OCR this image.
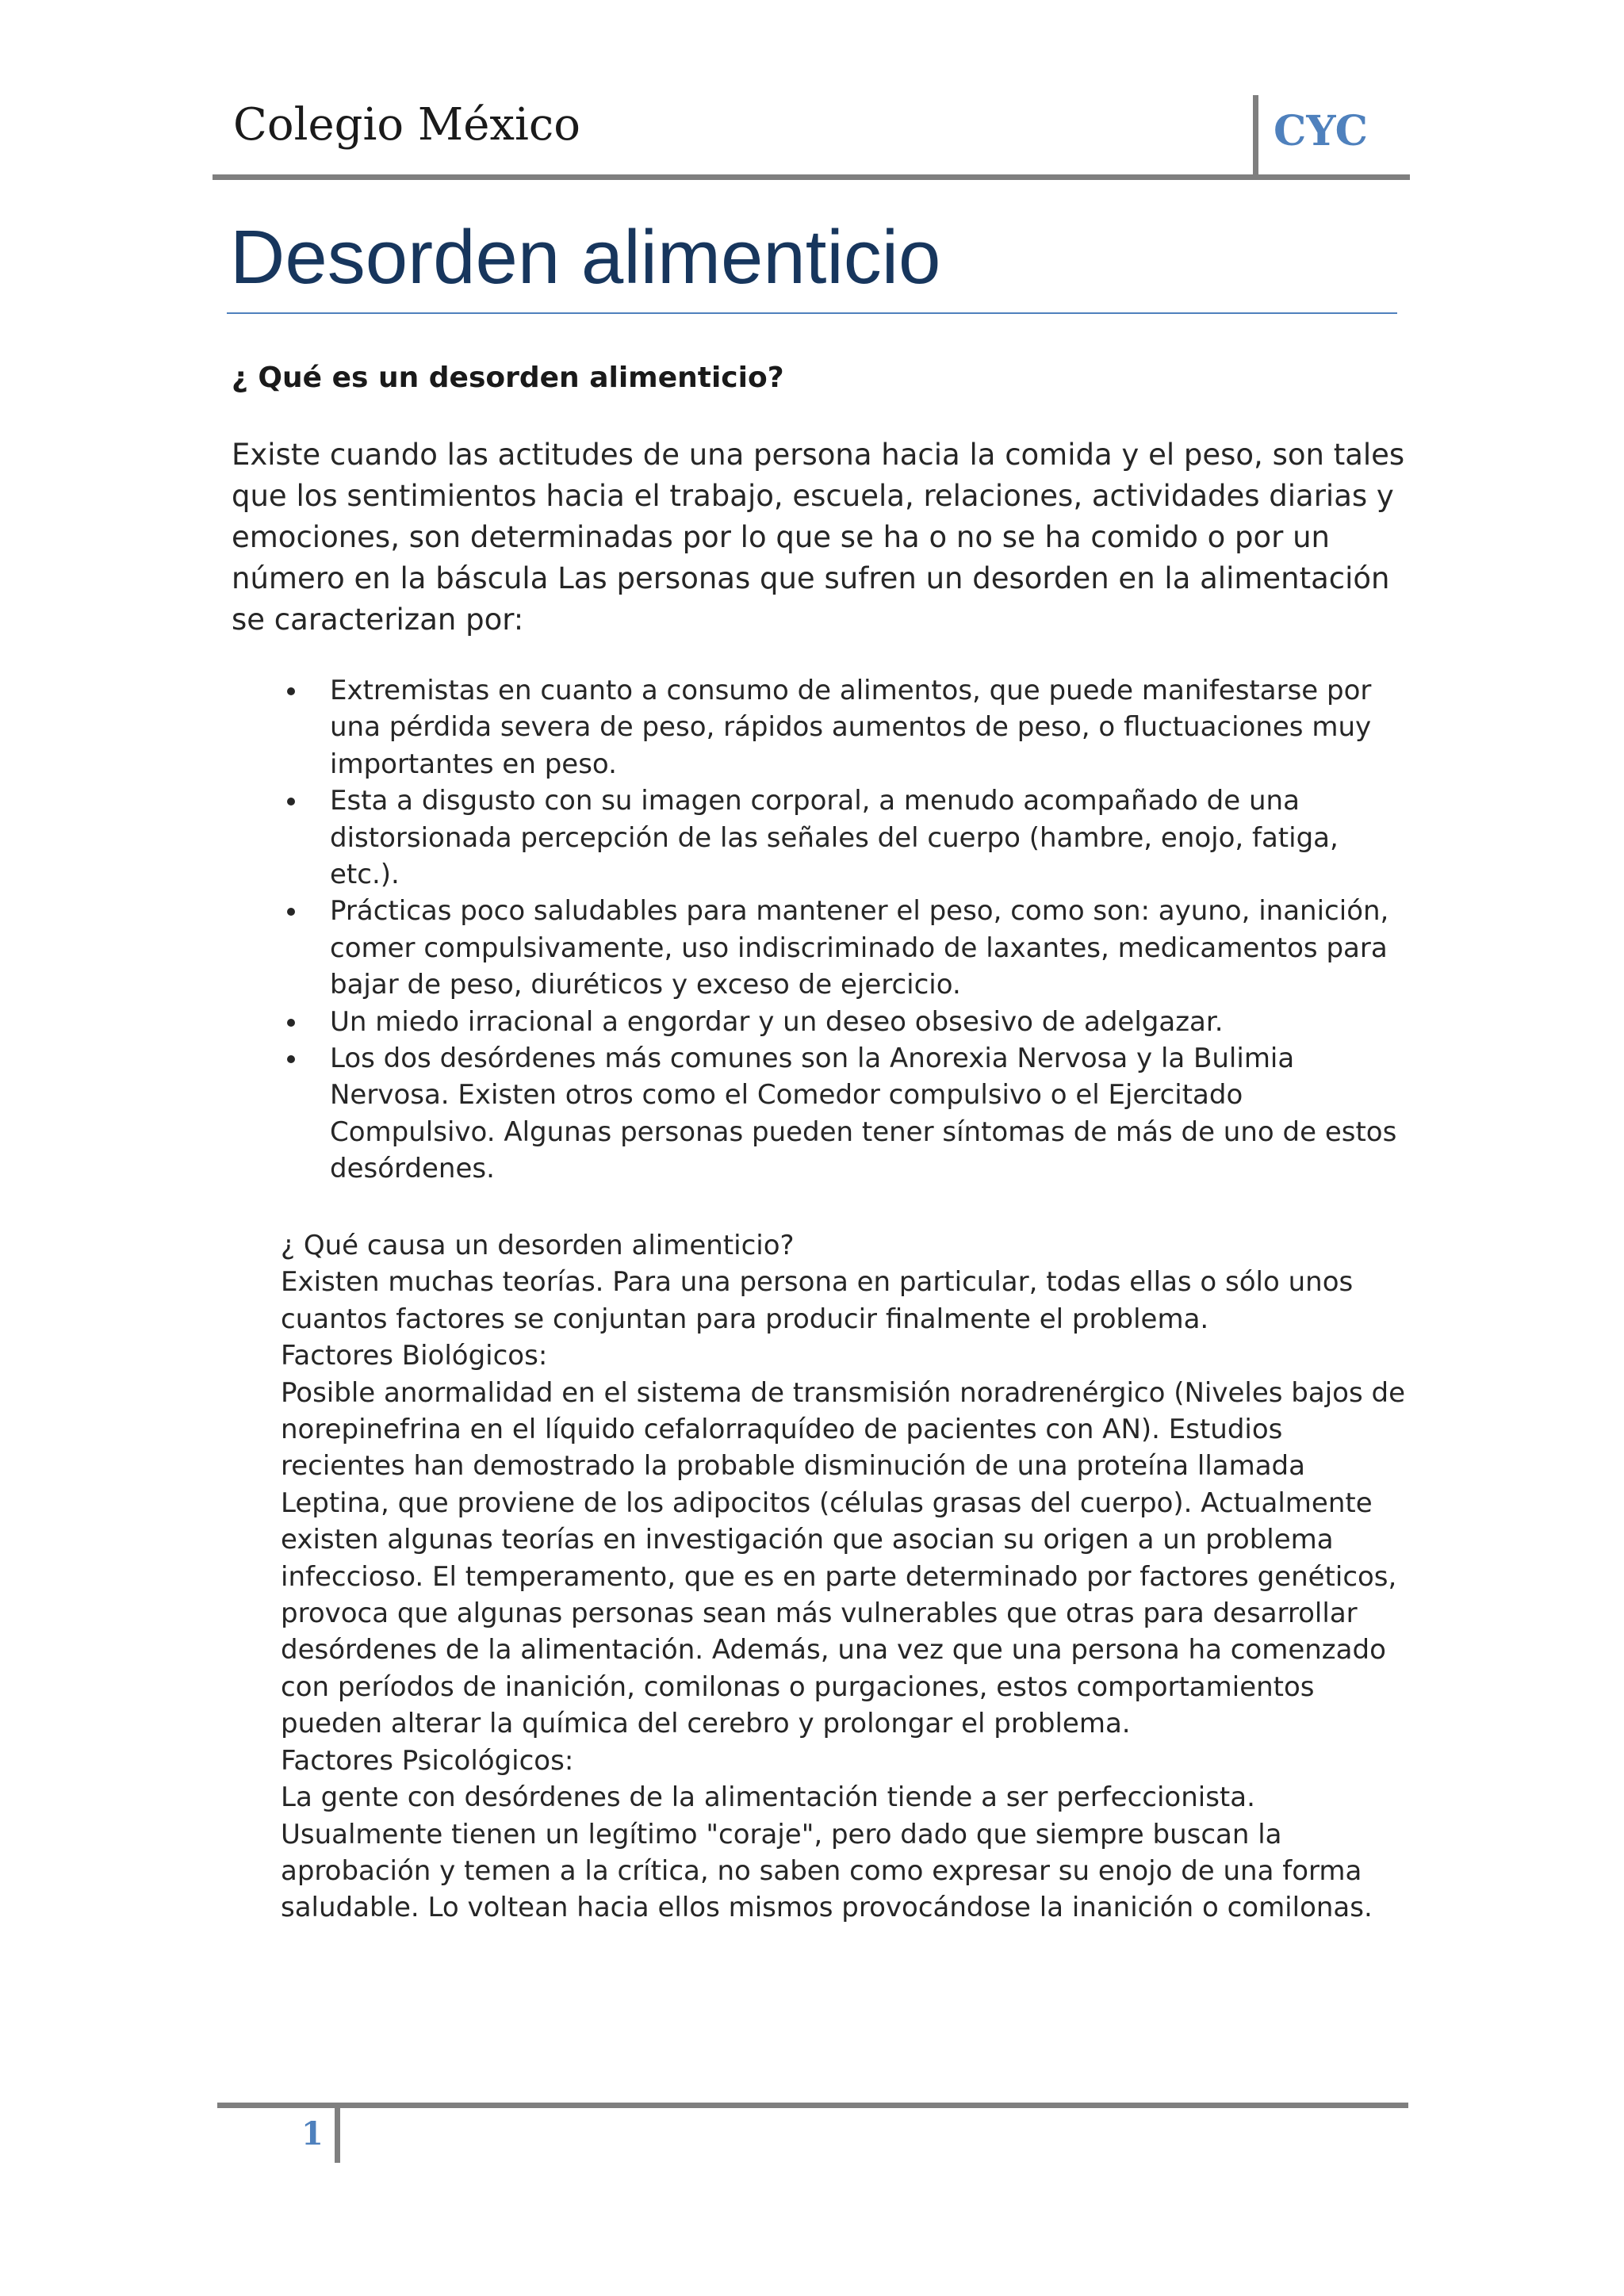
Colegio México	CYC
Desorden alimenticio
¿ Qué es un desorden alimenticio?

Existe cuando las actitudes de una persona hacia la comida y el peso, son tales que los sentimientos hacia el trabajo, escuela, relaciones, actividades diarias y emociones, son determinadas por lo que se ha o no se ha comido o por un número en la báscula Las personas que sufren un desorden en la alimentación se caracterizan por:

Extremistas en cuanto a consumo de alimentos, que puede manifestarse por una pérdida severa de peso, rápidos aumentos de peso, o fluctuaciones muy importantes en peso.
Esta a disgusto con su imagen corporal, a menudo acompañado de una distorsionada percepción de las señales del cuerpo (hambre, enojo, fatiga, etc.).
Prácticas poco saludables para mantener el peso, como son: ayuno, inanición, comer compulsivamente, uso indiscriminado de laxantes, medicamentos para bajar de peso, diuréticos y exceso de ejercicio.
Un miedo irracional a engordar y un deseo obsesivo de adelgazar.
Los dos desórdenes más comunes son la Anorexia Nervosa y la Bulimia Nervosa. Existen otros como el Comedor compulsivo o el Ejercitado Compulsivo. Algunas personas pueden tener síntomas de más de uno de estos desórdenes.

¿ Qué causa un desorden alimenticio?

Existen muchas teorías. Para una persona en particular, todas ellas o sólo unos cuantos factores se conjuntan para producir finalmente el problema.

Factores Biológicos:

Posible anormalidad en el sistema de transmisión noradrenérgico (Niveles bajos de norepinefrina en el líquido cefalorraquídeo de pacientes con AN). Estudios recientes han demostrado la probable disminución de una proteína llamada Leptina, que proviene de los adipocitos (células grasas del cuerpo). Actualmente existen algunas teorías en investigación que asocian su origen a un problema infeccioso. El temperamento, que es en parte determinado por factores genéticos, provoca que algunas personas sean más vulnerables que otras para desarrollar desórdenes de la alimentación. Además, una vez que una persona ha comenzado con períodos de inanición, comilonas o purgaciones, estos comportamientos pueden alterar la química del cerebro y prolongar el problema.

Factores Psicológicos:

La gente con desórdenes de la alimentación tiende a ser perfeccionista. Usualmente tienen un legítimo "coraje", pero dado que siempre buscan la aprobación y temen a la crítica, no saben como expresar su enojo de una forma saludable. Lo voltean hacia ellos mismos provocándose la inanición o comilonas.

1
